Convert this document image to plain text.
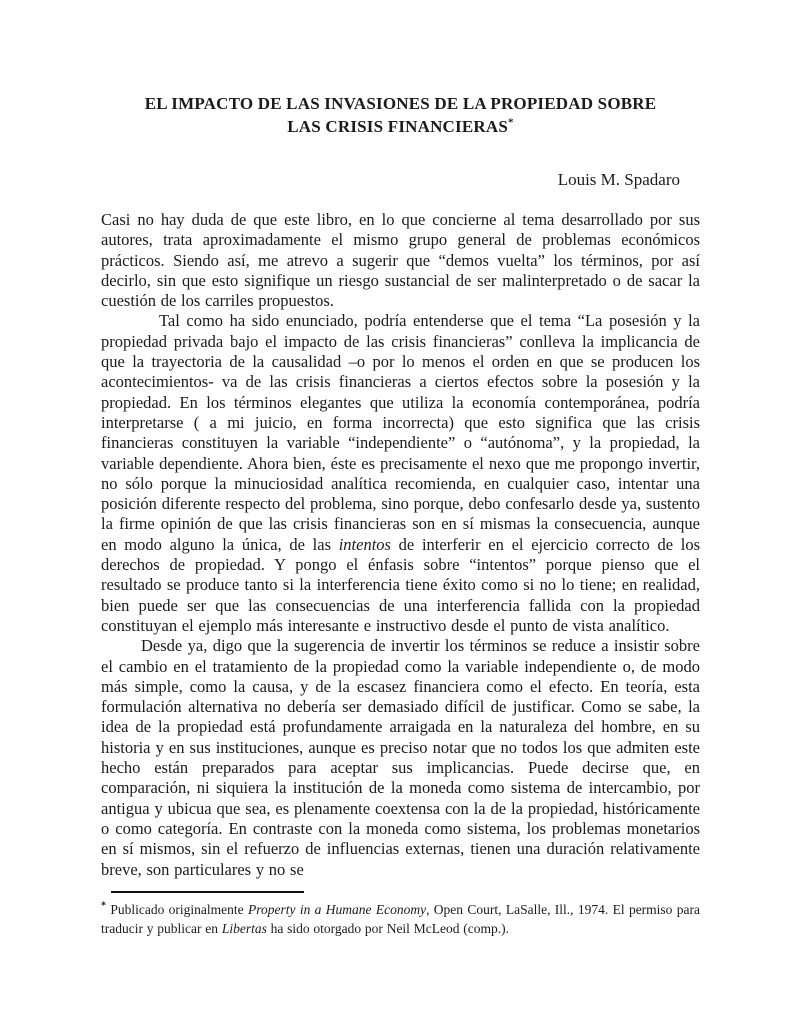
EL IMPACTO DE LAS INVASIONES DE LA PROPIEDAD SOBRE
LAS CRISIS FINANCIERAS*
Louis M. Spadaro

Casi no hay duda de que este libro, en lo que concierne al tema desarrollado por sus autores, trata aproximadamente el mismo grupo general de problemas económicos prácticos. Siendo así, me atrevo a sugerir que “demos vuelta” los términos, por así decirlo, sin que esto signifique un riesgo sustancial de ser malinterpretado o de sacar la cuestión de los carriles propuestos.

Tal como ha sido enunciado, podría entenderse que el tema “La posesión y la propiedad privada bajo el impacto de las crisis financieras” conlleva la implicancia de que la trayectoria de la causalidad –o por lo menos el orden en que se producen los acontecimientos- va de las crisis financieras a ciertos efectos sobre la posesión y la propiedad. En los términos elegantes que utiliza la economía contemporánea, podría interpretarse ( a mi juicio, en forma incorrecta) que esto significa que las crisis financieras constituyen la variable “independiente” o “autónoma”, y la propiedad, la variable dependiente. Ahora bien, éste es precisamente el nexo que me propongo invertir, no sólo porque la minuciosidad analítica recomienda, en cualquier caso, intentar una posición diferente respecto del problema, sino porque, debo confesarlo desde ya, sustento la firme opinión de que las crisis financieras son en sí mismas la consecuencia, aunque en modo alguno la única, de las intentos de interferir en el ejercicio correcto de los derechos de propiedad. Y pongo el énfasis sobre “intentos” porque pienso que el resultado se produce tanto si la interferencia tiene éxito como si no lo tiene; en realidad, bien puede ser que las consecuencias de una interferencia fallida con la propiedad constituyan el ejemplo más interesante e instructivo desde el punto de vista analítico.

Desde ya, digo que la sugerencia de invertir los términos se reduce a insistir sobre el cambio en el tratamiento de la propiedad como la variable independiente o, de modo más simple, como la causa, y de la escasez financiera como el efecto. En teoría, esta formulación alternativa no debería ser demasiado difícil de justificar. Como se sabe, la idea de la propiedad está profundamente arraigada en la naturaleza del hombre, en su historia y en sus instituciones, aunque es preciso notar que no todos los que admiten este hecho están preparados para aceptar sus implicancias. Puede decirse que, en comparación, ni siquiera la institución de la moneda como sistema de intercambio, por antigua y ubicua que sea, es plenamente coextensa con la de la propiedad, históricamente o como categoría. En contraste con la moneda como sistema, los problemas monetarios en sí mismos, sin el refuerzo de influencias externas, tienen una duración relativamente breve, son particulares y no se

* Publicado originalmente Property in a Humane Economy, Open Court, LaSalle, Ill., 1974. El permiso para traducir y publicar en Libertas ha sido otorgado por Neil McLeod (comp.).
